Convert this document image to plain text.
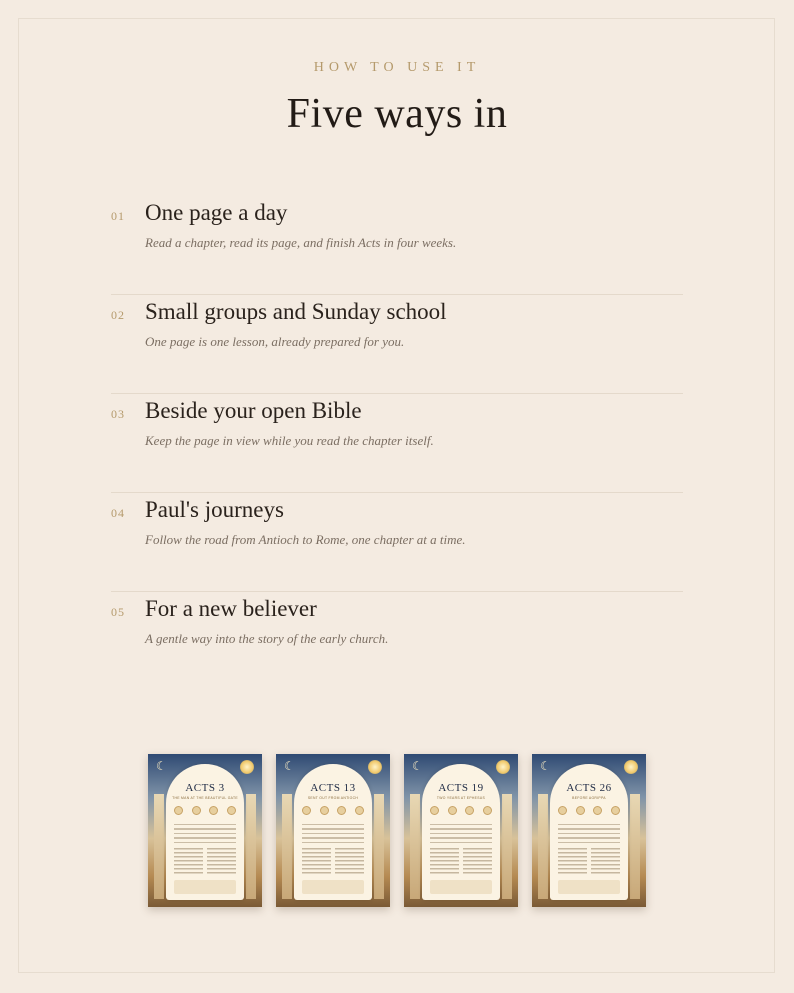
HOW TO USE IT
Five ways in
01 One page a day
Read a chapter, read its page, and finish Acts in four weeks.
02 Small groups and Sunday school
One page is one lesson, already prepared for you.
03 Beside your open Bible
Keep the page in view while you read the chapter itself.
04 Paul's journeys
Follow the road from Antioch to Rome, one chapter at a time.
05 For a new believer
A gentle way into the story of the early church.
☾
ACTS 3
THE MAN AT THE BEAUTIFUL GATE
☾
ACTS 13
SENT OUT FROM ANTIOCH
☾
ACTS 19
TWO YEARS AT EPHESUS
☾
ACTS 26
BEFORE AGRIPPA
